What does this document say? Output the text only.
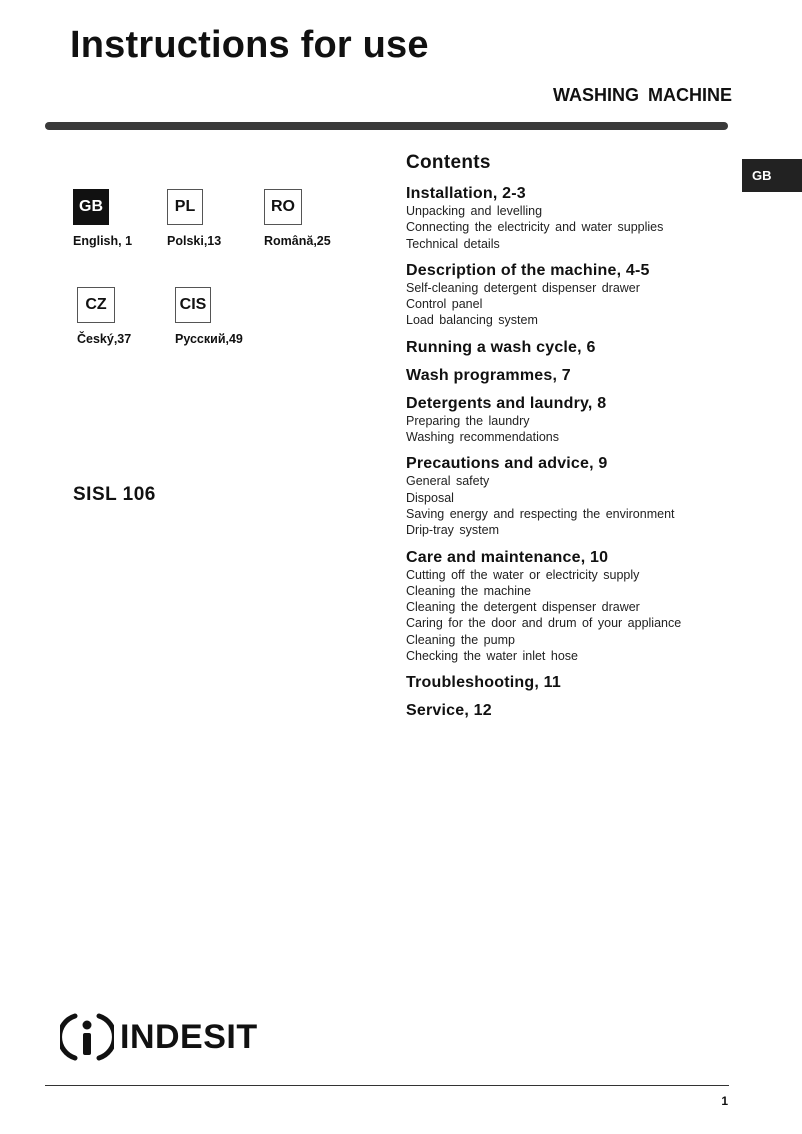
Instructions for use
WASHING MACHINE
GB
GB
English, 1
PL
Polski,13
RO
Română,25
CZ
Český,37
CIS
Русский,49
SISL 106
Contents
Installation, 2-3
Unpacking and levelling
Connecting the electricity and water supplies
Technical details
Description of the machine, 4-5
Self-cleaning detergent dispenser drawer
Control panel
Load balancing system
Running a wash cycle, 6
Wash programmes, 7
Detergents and laundry, 8
Preparing the laundry
Washing recommendations
Precautions and advice, 9
General safety
Disposal
Saving energy and respecting the environment
Drip-tray system
Care and maintenance, 10
Cutting off the water or electricity supply
Cleaning the machine
Cleaning the detergent dispenser drawer
Caring for the door and drum of your appliance
Cleaning the pump
Checking the water inlet hose
Troubleshooting, 11
Service, 12
INDESIT
1
